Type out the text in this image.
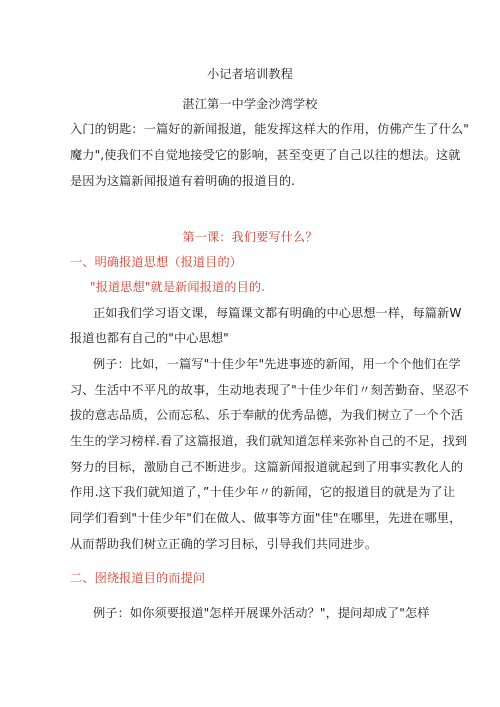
小记者培训教程
湛江第一中学金沙湾学校
入门的钥匙：一篇好的新闻报道，能发挥这样大的作用，仿佛产生了什么"
魔力",使我们不自觉地接受它的影响，甚至变更了自己以往的想法。这就
是因为这篇新闻报道有着明确的报道目的.
第一课：我们要写什么？
一、明确报道思想（报道目的）
"报道思想"就是新闻报道的目的.
正如我们学习语文课，每篇课文都有明确的中心思想一样，每篇新W
报道也都有自己的"中心思想"
例子：比如，一篇写"十佳少年"先进事迹的新闻，用一个个他们在学
习、生活中不平凡的故事，生动地表现了"十佳少年们〃刻苦勤奋、坚忍不
拔的意志品质，公而忘私、乐于奉献的优秀品德，为我们树立了一个个活
生生的学习榜样.看了这篇报道，我们就知道怎样来弥补自己的不足，找到
努力的目标，激励自己不断进步。这篇新闻报道就起到了用事实教化人的
作用.这下我们就知道了，”十佳少年〃的新闻，它的报道目的就是为了让
同学们看到"十佳少年"们在做人、做事等方面"佳"在哪里，先进在哪里，
从而帮助我们树立正确的学习目标，引导我们共同进步。
二、囹绕报道目的而提问
例子：如你须要报道"怎样开展课外活动？"，提问却成了"怎样
